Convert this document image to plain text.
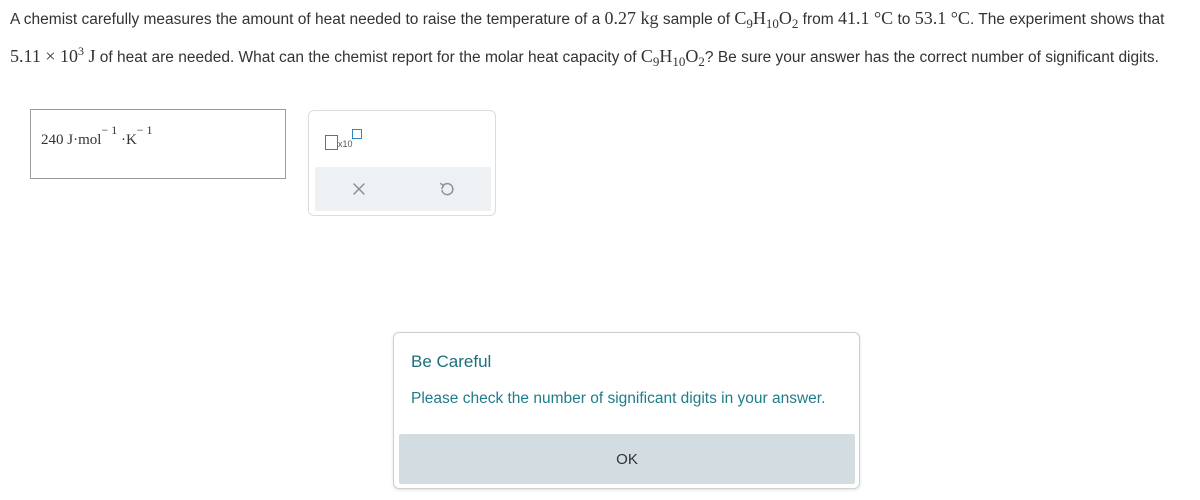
A chemist carefully measures the amount of heat needed to raise the temperature of a 0.27 kg sample of $C_9H_{10}O_2$ from 41.1 °C to 53.1 °C. The experiment shows that $5.11 \times 10^3$ J of heat are needed. What can the chemist report for the molar heat capacity of $C_9H_{10}O_2$? Be sure your answer has the correct number of significant digits.
240 $J\cdot mol^{- 1} \cdot K^{- 1}$
x10
Be Careful
Please check the number of significant digits in your answer.
OK
